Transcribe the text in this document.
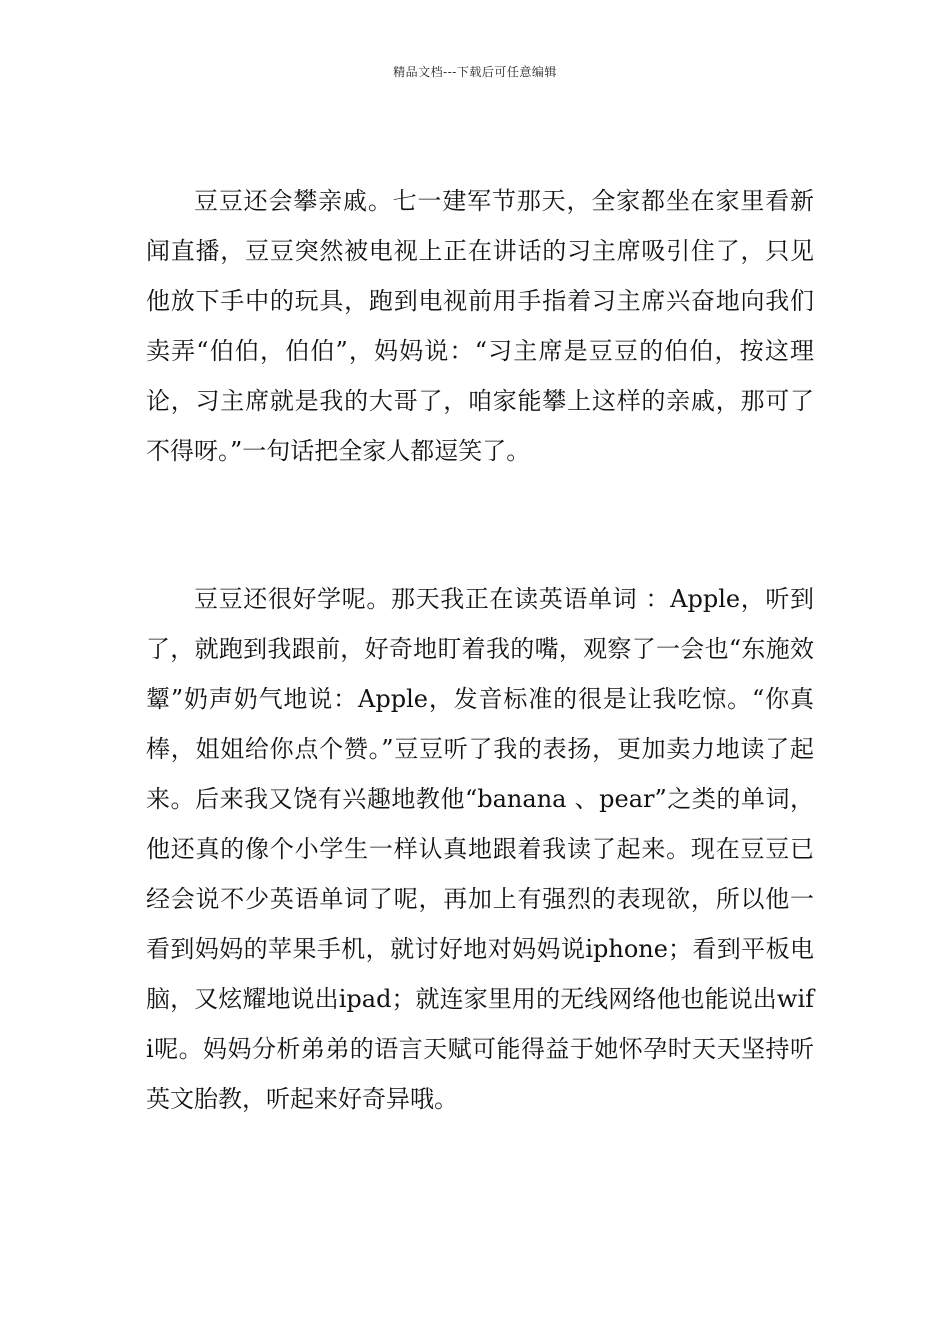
精品文档---下载后可任意编辑

豆豆还会攀亲戚。七一建军节那天，全家都坐在家里看新闻直播，豆豆突然被电视上正在讲话的习主席吸引住了，只见他放下手中的玩具，跑到电视前用手指着习主席兴奋地向我们卖弄“伯伯，伯伯”，妈妈说：“习主席是豆豆的伯伯，按这理论，习主席就是我的大哥了，咱家能攀上这样的亲戚，那可了不得呀。”一句话把全家人都逗笑了。

豆豆还很好学呢。那天我正在读英语单词 ：Apple，听到了，就跑到我跟前，好奇地盯着我的嘴，观察了一会也“东施效颦”奶声奶气地说：Apple，发音标准的很是让我吃惊。“你真棒，姐姐给你点个赞。”豆豆听了我的表扬，更加卖力地读了起来。后来我又饶有兴趣地教他“banana 、pear”之类的单词，他还真的像个小学生一样认真地跟着我读了起来。现在豆豆已经会说不少英语单词了呢，再加上有强烈的表现欲，所以他一看到妈妈的苹果手机，就讨好地对妈妈说iphone；看到平板电脑，又炫耀地说出ipad；就连家里用的无线网络他也能说出wifi呢。妈妈分析弟弟的语言天赋可能得益于她怀孕时天天坚持听英文胎教，听起来好奇异哦。
